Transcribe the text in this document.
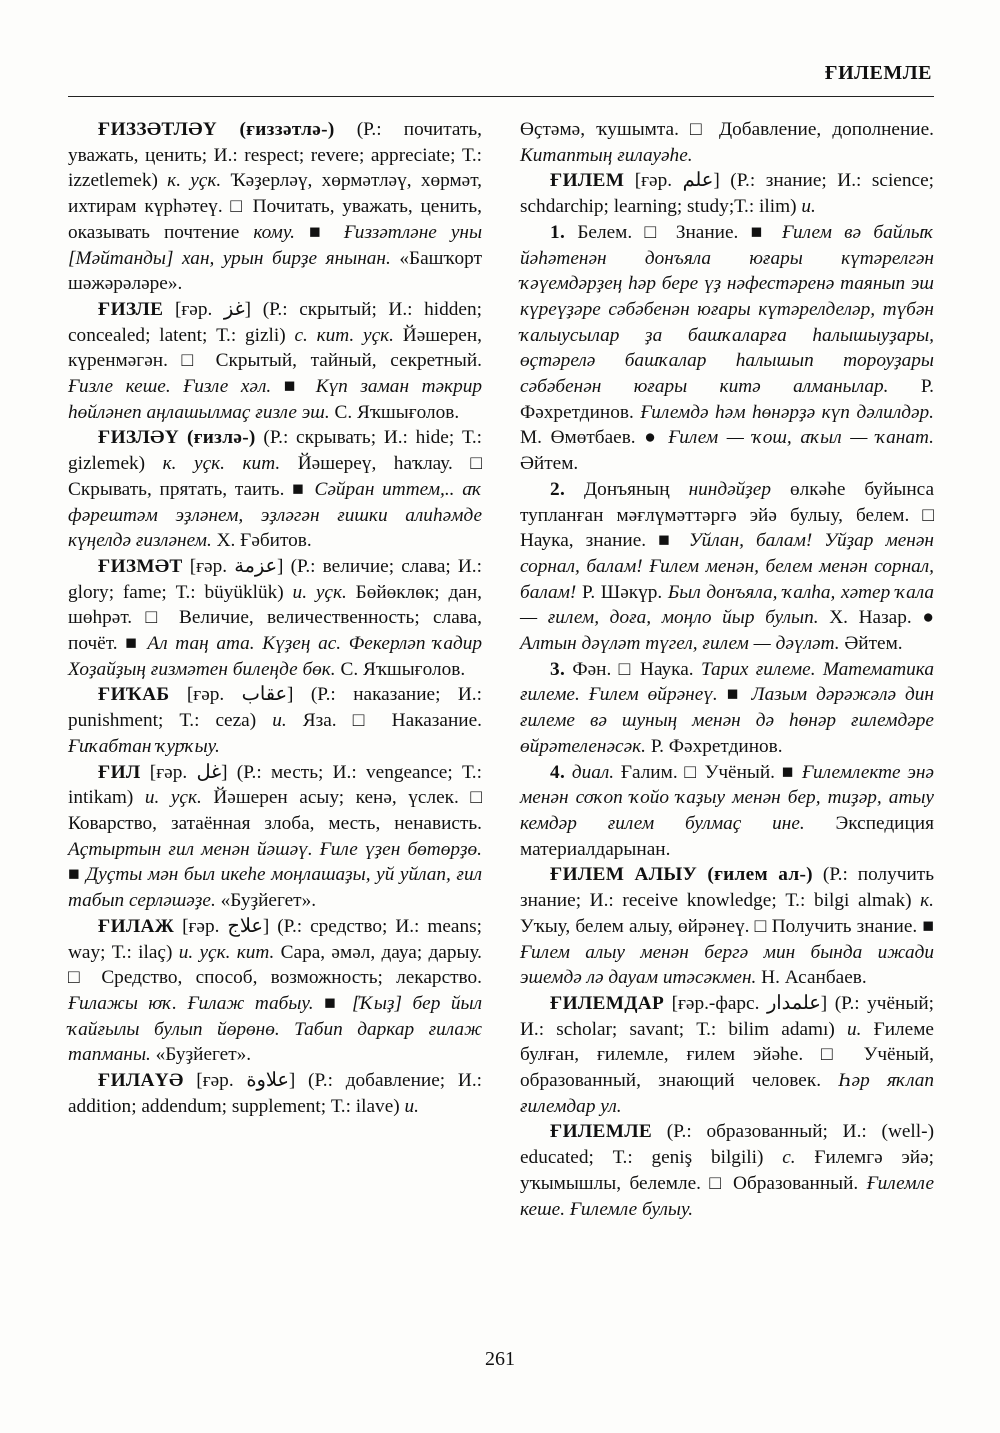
ҒИЛЕМЛЕ

ҒИЗЗӘТЛӘҮ (ғиззәтлә-) (Р.: почитать, уважать, ценить; И.: respect; revere; appreciate; Т.: izzetlemek) к. уҫк. Ҡәҙерләү, хөрмәтләү, хөрмәт, ихтирам күрһәтеү. □ Почитать, уважать, ценить, оказывать почтение кому. ■ Ғиззәтләне уны [Мәйтанды] хан, урын бирҙе янынан. «Башҡорт шәжәрәләре».

ҒИЗЛЕ [ғәр. غز] (Р.: скрытый; И.: hidden; concealed; latent; Т.: gizli) с. кит. уҫк. Йәшерен, күренмәгән. □ Скрытый, тайный, секретный. Ғизле кеше. Ғизле хәл. ■ Күп заман тәкрир һөйләнеп аңлашылмаҫ ғизле эш. С. Яҡшығолов.

ҒИЗЛӘҮ (ғизлә-) (Р.: скрывать; И.: hide; Т.: gizlemek) к. уҫк. кит. Йәшереү, һаҡлау. □ Скрывать, прятать, таить. ■ Сәйран иттем,.. аҡ фәрештәм эҙләнем, эҙләгән ғишки алиһәмде күңелдә ғизләнем. Х. Ғәбитов.

ҒИЗМӘТ [ғәр. عزمة] (Р.: величие; слава; И.: glory; fame; Т.: büyüklük) и. уҫк. Бөйөклөк; дан, шөһрәт. □ Величие, величественность; слава, почёт. ■ Ал таң ата. Күҙең ас. Фекерләп ҡадир Хоҙайҙың ғизмәтен билеңде бөк. С. Яҡшығолов.

ҒИҠАБ [ғәр. عقاب] (Р.: наказание; И.: punishment; Т.: ceza) и. Яза. □ Наказание. Ғиҡабтан ҡурҡыу.

ҒИЛ [ғәр. غل] (Р.: месть; И.: vengeance; Т.: intikam) и. уҫк. Йәшерен асыу; кенә, үслек. □ Коварство, затаённая злоба, месть, ненависть. Аҫтыртын ғил менән йәшәү. Ғиле үҙен бөтөрҙө. ■ Дуҫты мән был икеһе моңлашаҙы, уй уйлап, ғил табып серләшәҙе. «Буҙйегет».

ҒИЛАЖ [ғәр. علاج] (Р.: средство; И.: means; way; Т.: ilaç) и. уҫк. кит. Сара, әмәл, дауа; дарыу. □ Средство, способ, возможность; лекарство. Ғилажы юҡ. Ғилаж табыу. ■ [Ҡыҙ] бер йыл ҡайғылы булып йөрөнө. Табип даркар ғилаж тапманы. «Буҙйегет».

ҒИЛАҮӘ [ғәр. علاوة] (Р.: добавление; И.: addition; addendum; supplement; Т.: ilave) и.

Өҫтәмә, ҡушымта. □ Добавление, дополнение. Китаптың ғилауәһе.

ҒИЛЕМ [ғәр. علم] (Р.: знание; И.: science; schdarchip; learning; study;Т.: ilim) и.

1. Белем. □ Знание. ■ Ғилем вә байлыҡ йәһәтенән донъяла юғары күтәрелгән ҡәүемдәрҙең һәр бере үҙ нәфестәренә таянып эш күреүҙәре сәбәбенән юғары күтәрелделәр, түбән ҡалыусылар ҙа башҡаларға һалышыуҙары, өҫтәрелә башҡалар һалышып тороуҙары сәбәбенән юғары китә алманылар. Р. Фәхретдинов. Ғилемдә һәм һөнәрҙә күп дәлилдәр. М. Өмөтбаев. ● Ғилем — ҡош, аҡыл — ҡанат. Әйтем.

2. Донъяның ниндәйҙер өлкәһе буйынса тупланған мәғлүмәттәргә эйә булыу, белем. □ Наука, знание. ■ Уйлан, балам! Уйҙар менән сорнал, балам! Ғилем менән, белем менән сорнал, балам! Р. Шәкүр. Был донъяла, ҡалһа, хәтер ҡала — ғилем, доға, моңло йыр булып. Х. Назар. ● Алтын дәүләт түгел, ғилем — дәүләт. Әйтем.

3. Фән. □ Наука. Тарих ғилеме. Математика ғилеме. Ғилем өйрәнеү. ■ Лазым дәрәжәлә дин ғилеме вә шуның менән дә һөнәр ғилемдәре өйрәтеленәсәк. Р. Фәхретдинов.

4. диал. Ғалим. □ Учёный. ■ Ғилемлекте энә менән соҡоп ҡойо ҡаҙыу менән бер, тиҙәр, атыу кемдәр ғилем булмаҫ ине. Экспедиция материалдарынан.

ҒИЛЕМ АЛЫУ (ғилем ал-) (Р.: получить знание; И.: receive knowledge; Т.: bilgi almak) к. Уҡыу, белем алыу, өйрәнеү. □ Получить знание. ■ Ғилем алыу менән бергә мин бында ижади эшемдә лә дауам итәсәкмен. Н. Асанбаев.

ҒИЛЕМДАР [ғәр.-фарс. علمدار] (Р.: учёный; И.: scholar; savant; Т.: bilim adamı) и. Ғилеме булған, ғилемле, ғилем эйәһе. □ Учёный, образованный, знающий человек. Һәр яҡлап ғилемдар ул.

ҒИЛЕМЛЕ (Р.: образованный; И.: (well-) educated; Т.: geniş bilgili) с. Ғилемгә эйә; уҡымышлы, белемле. □ Образованный. Ғилемле кеше. Ғилемле булыу.

261
